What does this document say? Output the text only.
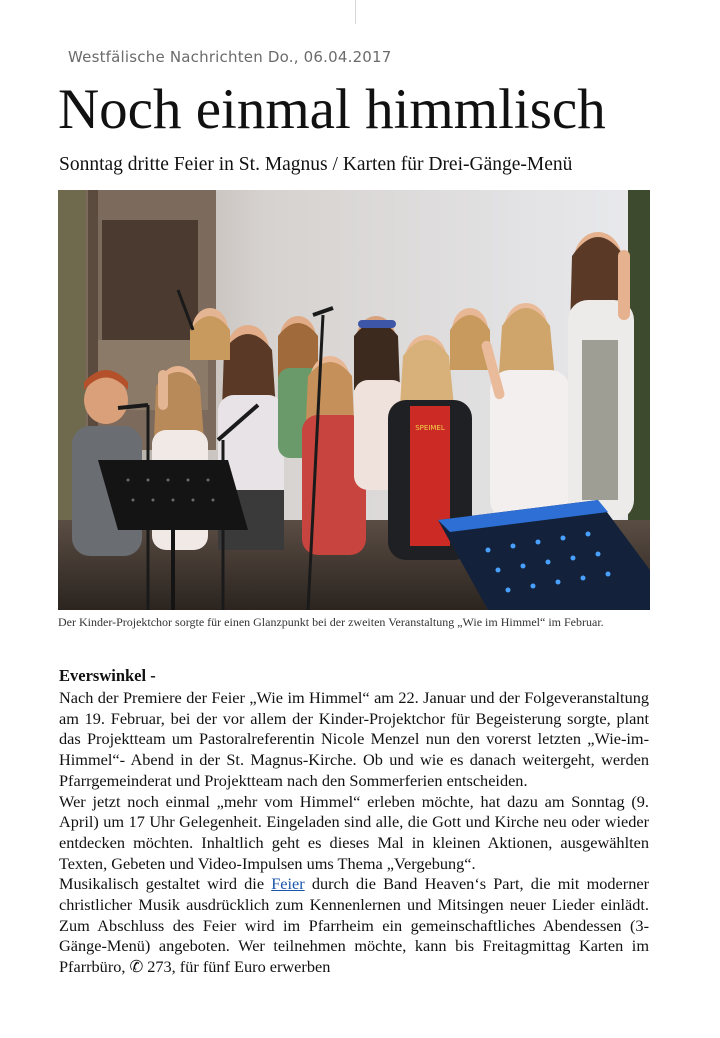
Westfälische Nachrichten Do., 06.04.2017
Noch einmal himmlisch
Sonntag dritte Feier in St. Magnus / Karten für Drei-Gänge-Menü
SPEIMEL
Der Kinder-Projektchor sorgte für einen Glanzpunkt bei der zweiten Veranstaltung „Wie im Himmel“ im Februar.
Everswinkel -

Nach der Premiere der Feier „Wie im Himmel“ am 22. Januar und der Folgeveranstaltung am 19. Februar, bei der vor allem der Kinder-Projektchor für Begeisterung sorgte, plant das Projektteam um Pastoralreferentin Nicole Menzel nun den vorerst letzten „Wie-im-Himmel“- Abend in der St. Magnus-Kirche. Ob und wie es danach weitergeht, werden Pfarrgemeinderat und Projektteam nach den Sommerferien entscheiden.

Wer jetzt noch einmal „mehr vom Himmel“ erleben möchte, hat dazu am Sonntag (9. April) um 17 Uhr Gelegenheit. Eingeladen sind alle, die Gott und Kirche neu oder wieder entdecken möchten. Inhaltlich geht es dieses Mal in kleinen Aktionen, ausgewählten Texten, Gebeten und Video-Impulsen ums Thema „Vergebung“.

Musikalisch gestaltet wird die Feier durch die Band Heaven‘s Part, die mit moderner christlicher Musik ausdrücklich zum Kennenlernen und Mitsingen neuer Lieder einlädt. Zum Abschluss des Feier wird im Pfarrheim ein gemeinschaftliches Abendessen (3-Gänge-Menü) angeboten. Wer teilnehmen möchte, kann bis Freitagmittag Karten im Pfarrbüro, ✆ 273, für fünf Euro erwerben
